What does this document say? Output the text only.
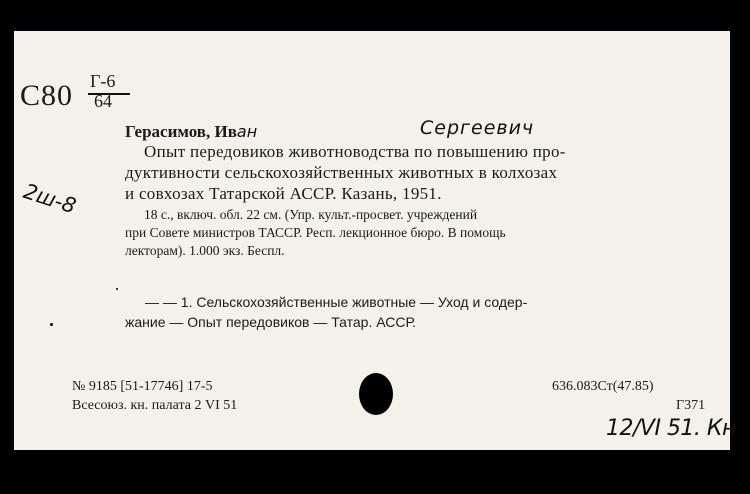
С80 Г-6
64
2ш-8
Герасимов, Иван	Сергеевич
Опыт передовиков животноводства по повышению про-
дуктивности сельскохозяйственных животных в колхозах
и совхозах Татарской АССР. Казань, 1951.
18 с., включ. обл. 22 см. (Упр. культ.-просвет. учреждений
при Совете министров ТАССР. Респ. лекционное бюро. В помощь
лекторам). 1.000 экз. Беспл.
— — 1. Сельскохозяйственные животные — Уход и содер-
жание — Опыт передовиков — Татар. АССР.
№ 9185 [51-17746] 17-5
Всесоюз. кн. палата 2 VI 51
636.083Ст(47.85)
Г371
12/VI 51. Кн
